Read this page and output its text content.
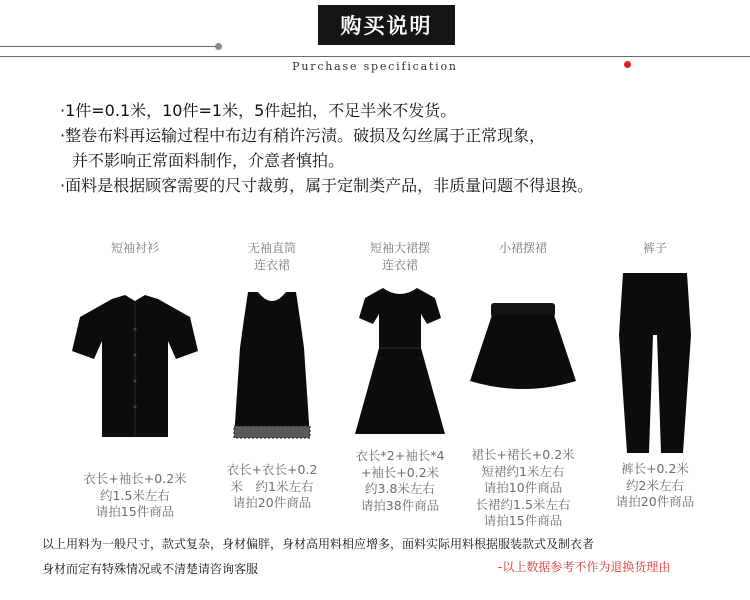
购买说明
Purchase specification
·1件=0.1米，10件=1米，5件起拍，不足半米不发货。
·整卷布料再运输过程中布边有稍许污渍。破损及勾丝属于正常现象，
并不影响正常面料制作，介意者慎拍。
·面料是根据顾客需要的尺寸裁剪，属于定制类产品，非质量问题不得退换。
短袖衬衫
衣长+袖长+0.2米
约1.5米左右
请拍15件商品
无袖直筒
连衣裙
衣长+衣长+0.2
米　约1米左右
请拍20件商品
短袖大裙摆
连衣裙
衣长*2+袖长*4
+袖长+0.2米
约3.8米左右
请拍38件商品
小裙摆裙
裙长+裙长+0.2米
短裙约1米左右
请拍10件商品
长裙约1.5米左右
请拍15件商品
裤子
裤长+0.2米
约2米左右
请拍20件商品
以上用料为一般尺寸，款式复杂，身材偏胖，身材高用料相应增多，面料实际用料根据服装款式及制衣者
身材而定有特殊情况或不清楚请咨询客服	-以上数据参考不作为退换货理由
